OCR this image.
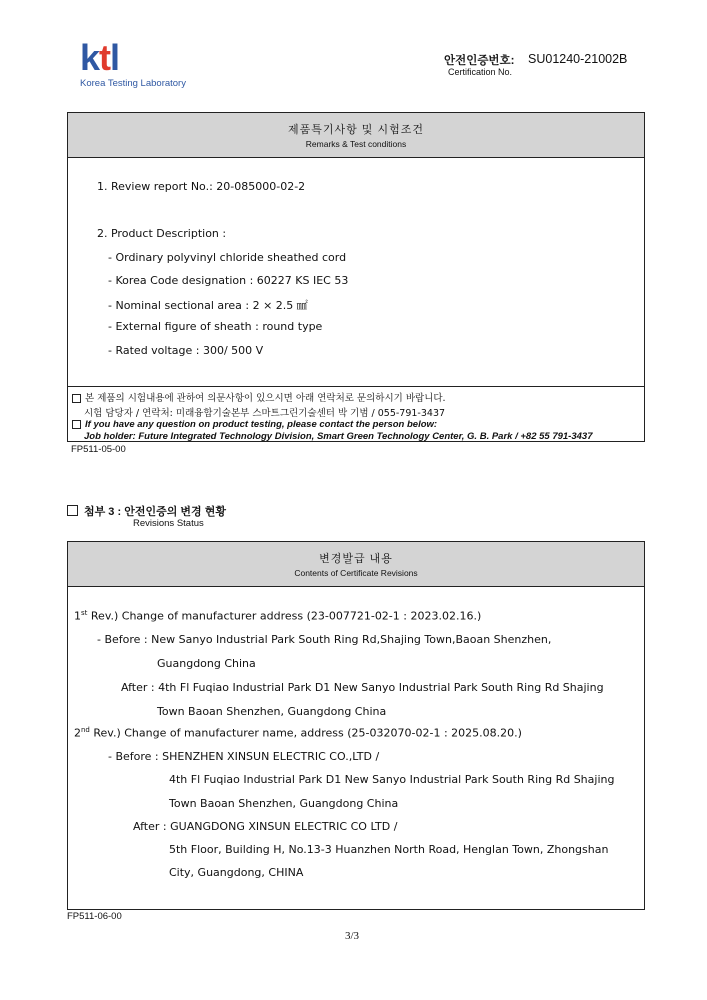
ktl
Korea Testing Laboratory
안전인증번호:
Certification No.
SU01240-21002B
제품특기사항 및 시험조건
Remarks & Test conditions
1. Review report No.: 20-085000-02-2
2. Product Description :
- Ordinary polyvinyl chloride sheathed cord
- Korea Code designation : 60227 KS IEC 53
- Nominal sectional area : 2 × 2.5 ㎟
- External figure of sheath : round type
- Rated voltage : 300/ 500 V
본 제품의 시험내용에 관하여 의문사항이 있으시면 아래 연락처로 문의하시기 바랍니다.
시험 담당자 / 연락처: 미래융합기술본부 스마트그린기술센터 박 기범 / 055-791-3437
If you have any question on product testing, please contact the person below:
Job holder: Future Integrated Technology Division, Smart Green Technology Center, G. B. Park / +82 55 791-3437
FP511-05-00
첨부 3 : 안전인증의 변경 현황
Revisions Status
변경발급 내용
Contents of Certificate Revisions
1st Rev.) Change of manufacturer address (23-007721-02-1 : 2023.02.16.)
- Before : New Sanyo Industrial Park South Ring Rd,Shajing Town,Baoan Shenzhen,
Guangdong China
After : 4th Fl Fuqiao Industrial Park D1 New Sanyo Industrial Park South Ring Rd Shajing
Town Baoan Shenzhen, Guangdong China
2nd Rev.) Change of manufacturer name, address (25-032070-02-1 : 2025.08.20.)
- Before : SHENZHEN XINSUN ELECTRIC CO.,LTD /
4th Fl Fuqiao Industrial Park D1 New Sanyo Industrial Park South Ring Rd Shajing
Town Baoan Shenzhen, Guangdong China
After : GUANGDONG XINSUN ELECTRIC CO LTD /
5th Floor, Building H, No.13-3 Huanzhen North Road, Henglan Town, Zhongshan
City, Guangdong, CHINA
FP511-06-00
3/3
